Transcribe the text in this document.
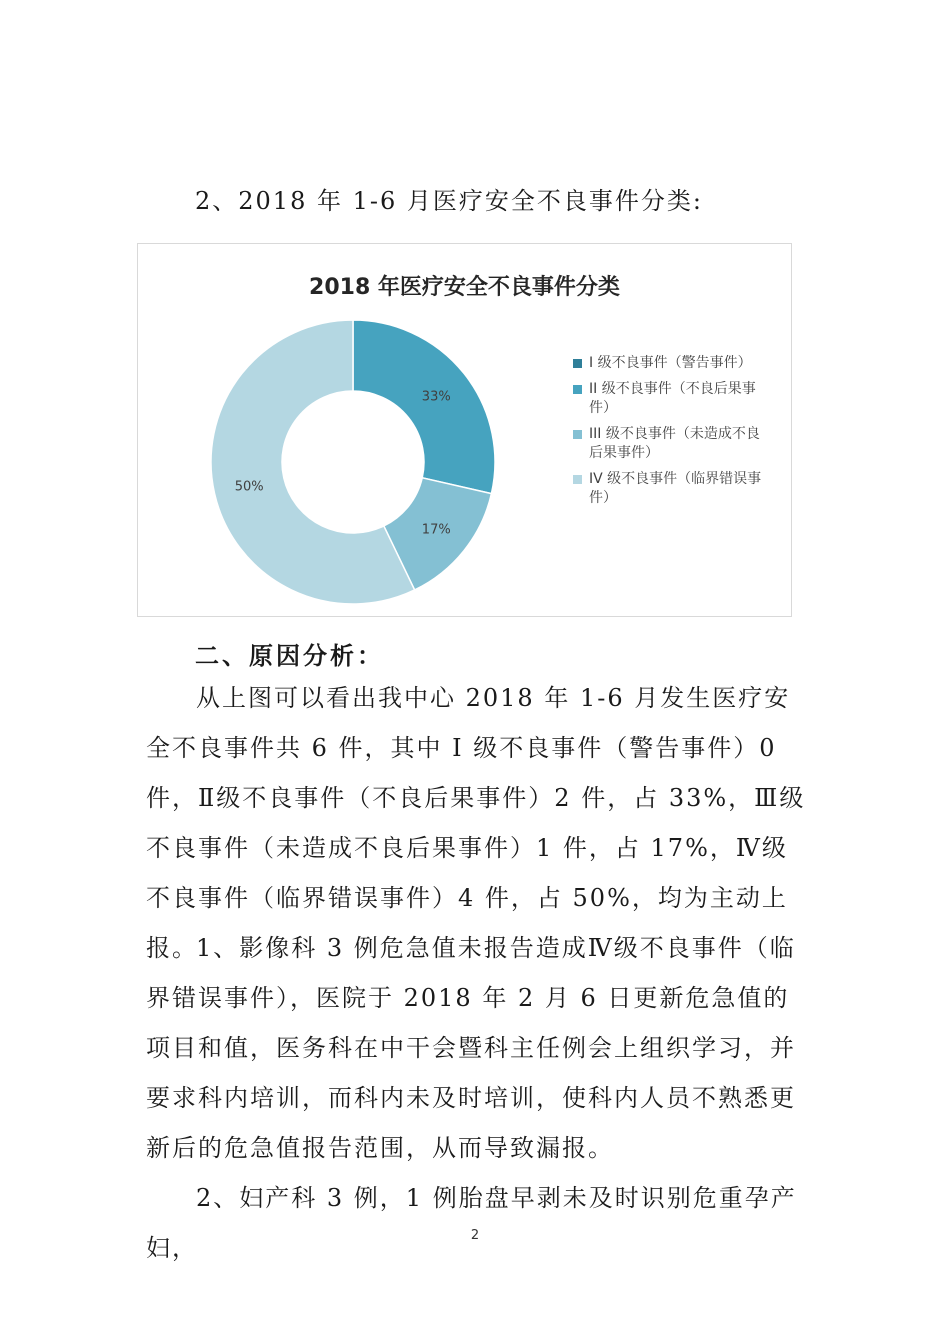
2、2018 年 1-6 月医疗安全不良事件分类:

2018 年医疗安全不良事件分类
33%
17%
50%
I 级不良事件（警告事件）
II 级不良事件（不良后果事
件）
III 级不良事件（未造成不良
后果事件）
IV 级不良事件（临界错误事
件）
二、原因分析：

从上图可以看出我中心 2018 年 1-6 月发生医疗安全不良事件共 6 件，其中 Ⅰ 级不良事件（警告事件）0 件，Ⅱ级不良事件（不良后果事件）2 件，占 33%，Ⅲ级不良事件（未造成不良后果事件）1 件，占 17%，Ⅳ级不良事件（临界错误事件）4 件，占 50%，均为主动上报。

1、影像科 3 例危急值未报告造成Ⅳ级不良事件（临界错误事件），医院于 2018 年 2 月 6 日更新危急值的项目和值，医务科在中干会暨科主任例会上组织学习，并要求科内培训，而科内未及时培训，使科内人员不熟悉更新后的危急值报告范围，从而导致漏报。

2、妇产科 3 例，1 例胎盘早剥未及时识别危重孕产妇，	2
